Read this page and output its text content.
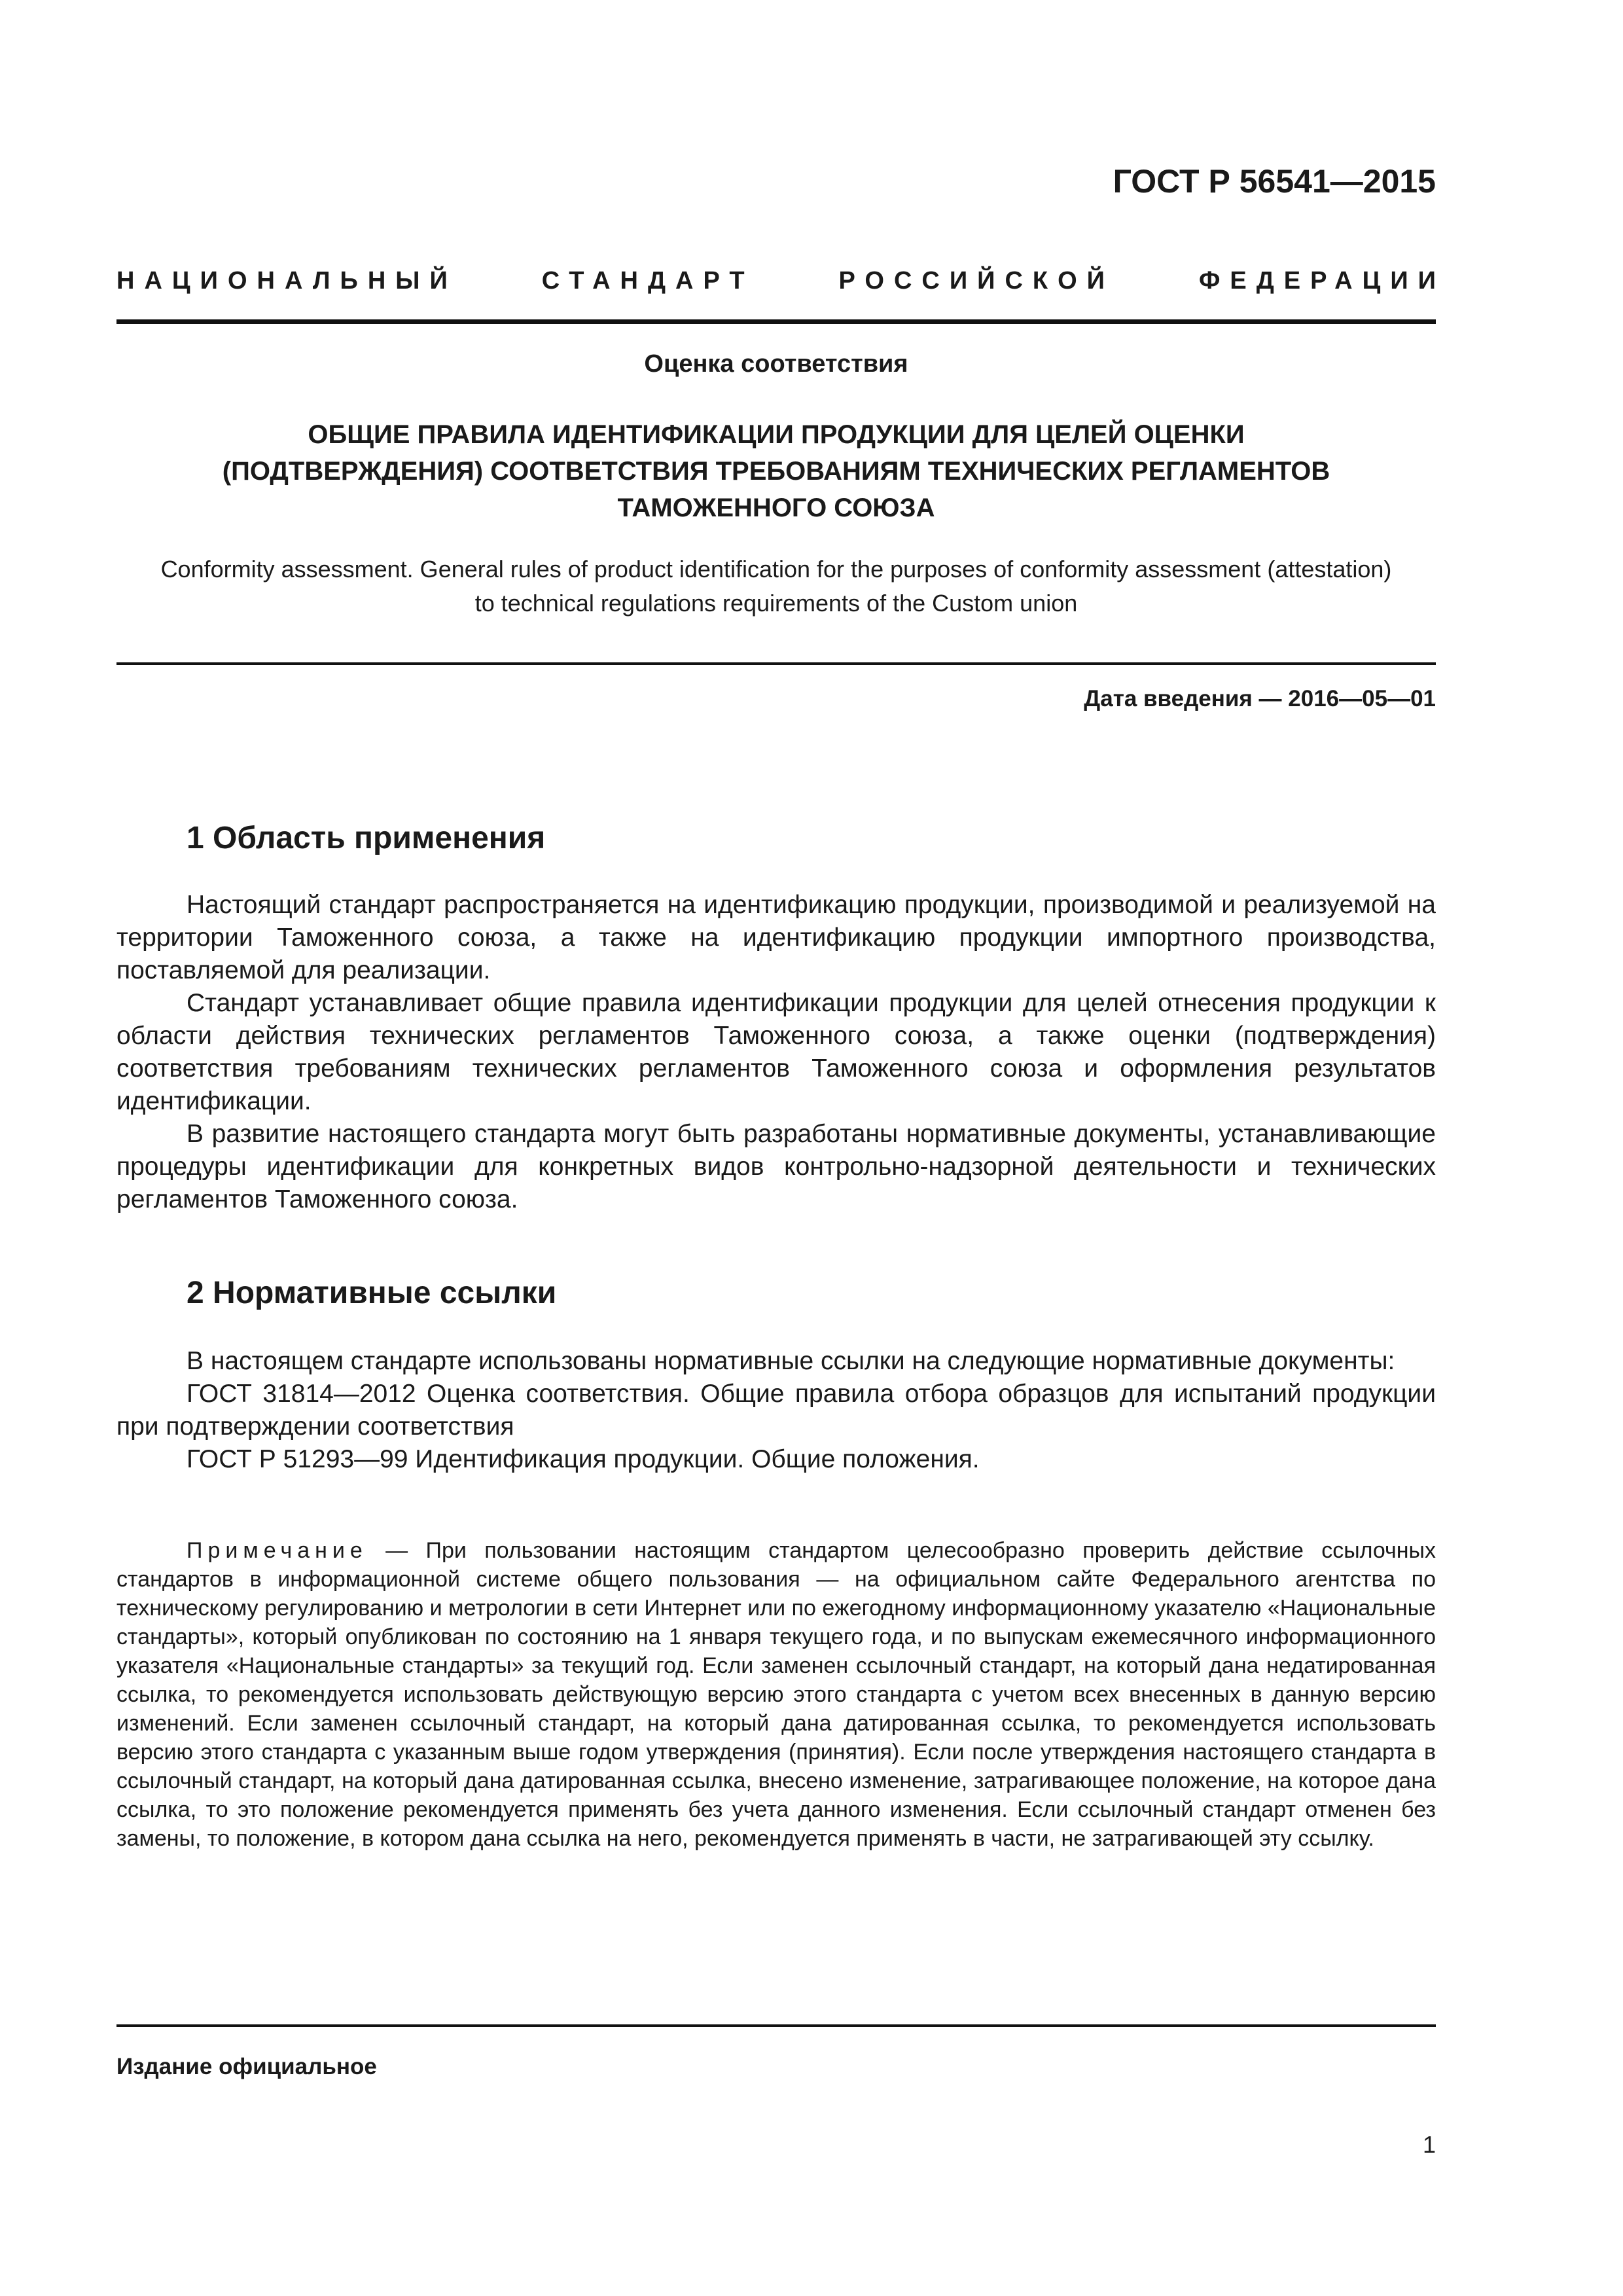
ГОСТ Р 56541—2015
НАЦИОНАЛЬНЫЙ	СТАНДАРТ	РОССИЙСКОЙ	ФЕДЕРАЦИИ
Оценка соответствия
ОБЩИЕ ПРАВИЛА ИДЕНТИФИКАЦИИ ПРОДУКЦИИ ДЛЯ ЦЕЛЕЙ ОЦЕНКИ
(ПОДТВЕРЖДЕНИЯ) СООТВЕТСТВИЯ ТРЕБОВАНИЯМ ТЕХНИЧЕСКИХ РЕГЛАМЕНТОВ
ТАМОЖЕННОГО СОЮЗА
Conformity assessment. General rules of product identification for the purposes of conformity assessment (attestation)
to technical regulations requirements of the Custom union
Дата введения — 2016—05—01
1 Область применения

Настоящий стандарт распространяется на идентификацию продукции, производимой и реализуемой на территории Таможенного союза, а также на идентификацию продукции импортного производства, поставляемой для реализации.

Стандарт устанавливает общие правила идентификации продукции для целей отнесения продукции к области действия технических регламентов Таможенного союза, а также оценки (подтверждения) соответствия требованиям технических регламентов Таможенного союза и оформления результатов идентификации.

В развитие настоящего стандарта могут быть разработаны нормативные документы, устанавливающие процедуры идентификации для конкретных видов контрольно-надзорной деятельности и технических регламентов Таможенного союза.

2 Нормативные ссылки

В настоящем стандарте использованы нормативные ссылки на следующие нормативные документы:

ГОСТ 31814—2012 Оценка соответствия. Общие правила отбора образцов для испытаний продукции при подтверждении соответствия

ГОСТ Р 51293—99 Идентификация продукции. Общие положения.

Примечание — При пользовании настоящим стандартом целесообразно проверить действие ссылочных стандартов в информационной системе общего пользования — на официальном сайте Федерального агентства по техническому регулированию и метрологии в сети Интернет или по ежегодному информационному указателю «Национальные стандарты», который опубликован по состоянию на 1 января текущего года, и по выпускам ежемесячного информационного указателя «Национальные стандарты» за текущий год. Если заменен ссылочный стандарт, на который дана недатированная ссылка, то рекомендуется использовать действующую версию этого стандарта с учетом всех внесенных в данную версию изменений. Если заменен ссылочный стандарт, на который дана датированная ссылка, то рекомендуется использовать версию этого стандарта с указанным выше годом утверждения (принятия). Если после утверждения настоящего стандарта в ссылочный стандарт, на который дана датированная ссылка, внесено изменение, затрагивающее положение, на которое дана ссылка, то это положение рекомендуется применять без учета данного изменения. Если ссылочный стандарт отменен без замены, то положение, в котором дана ссылка на него, рекомендуется применять в части, не затрагивающей эту ссылку.

Издание официальное
1
